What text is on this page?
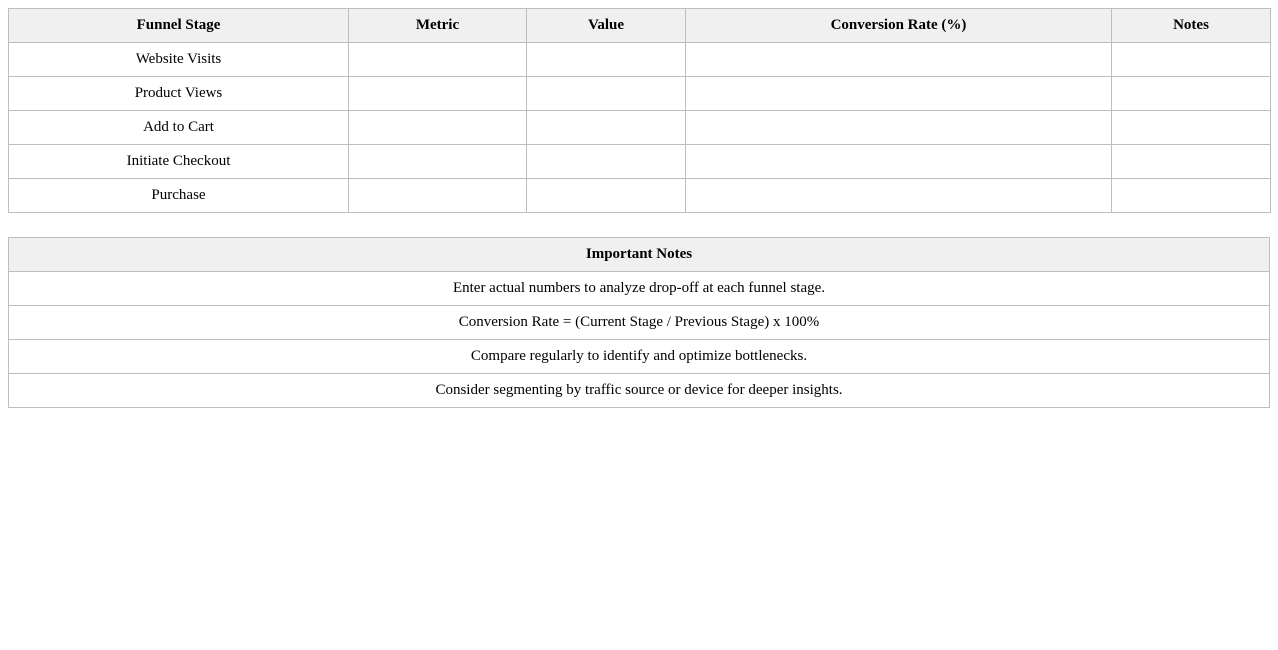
Funnel Stage	Metric	Value	Conversion Rate (%)	Notes
Website Visits				
Product Views				
Add to Cart				
Initiate Checkout				
Purchase				
Important Notes
Enter actual numbers to analyze drop-off at each funnel stage.
Conversion Rate = (Current Stage / Previous Stage) x 100%
Compare regularly to identify and optimize bottlenecks.
Consider segmenting by traffic source or device for deeper insights.
